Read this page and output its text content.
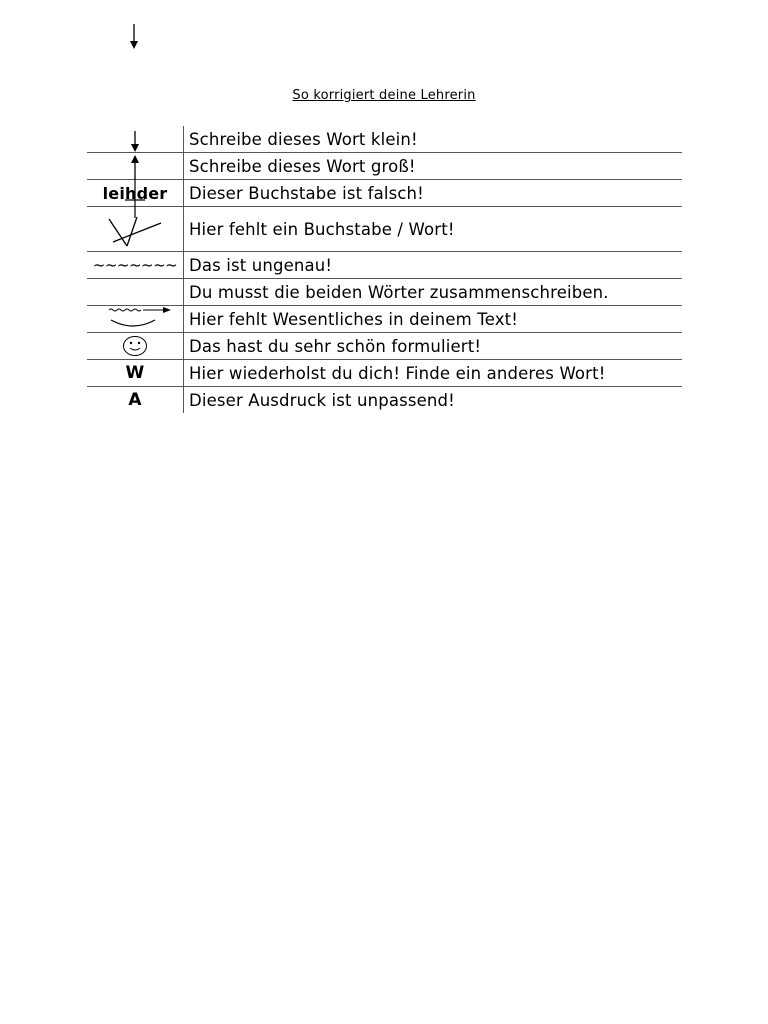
So korrigiert deine Lehrerin
Schreibe dieses Wort klein!
Schreibe dieses Wort groß!
leihder	Dieser Buchstabe ist falsch!
Hier fehlt ein Buchstabe / Wort!
~~~~~~~ Das ist ungenau!
Du musst die beiden Wörter zusammenschreiben.
Hier fehlt Wesentliches in deinem Text!
Das hast du sehr schön formuliert!
W	Hier wiederholst du dich! Finde ein anderes Wort!
A	Dieser Ausdruck ist unpassend!
